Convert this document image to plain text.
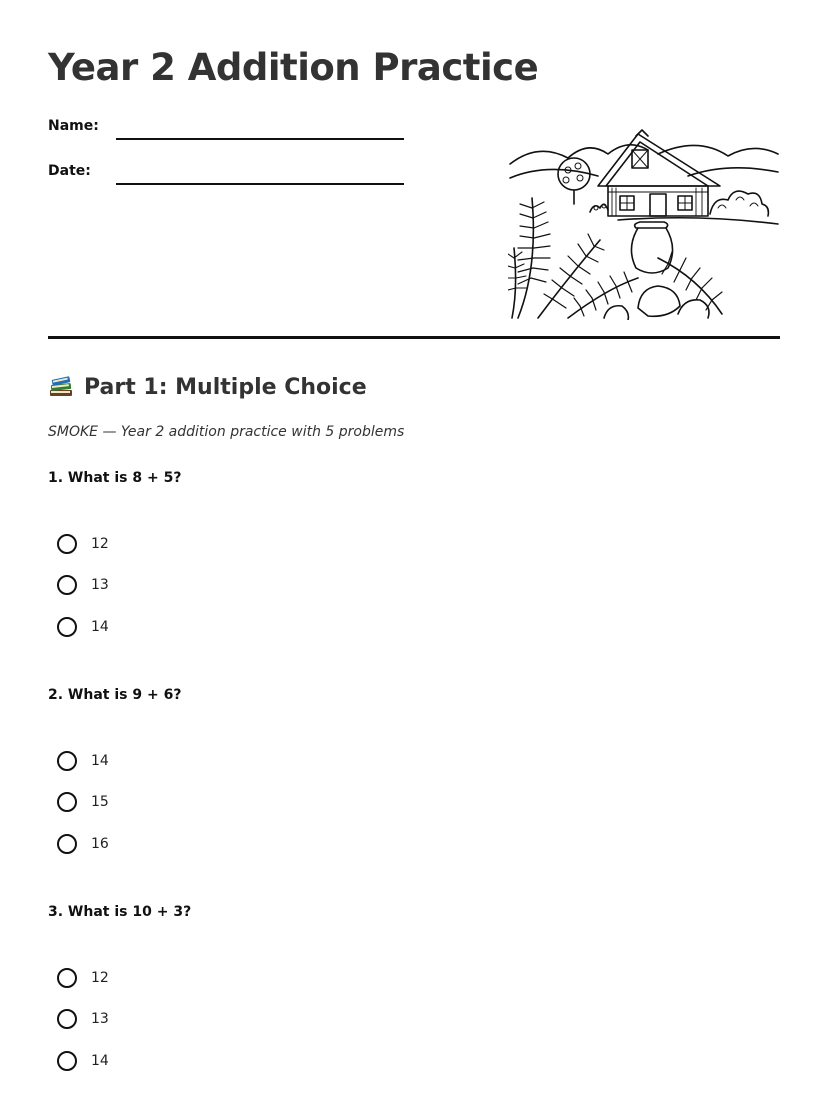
Year 2 Addition Practice
Name:
Date:
Part 1: Multiple Choice

SMOKE — Year 2 addition practice with 5 problems

1. What is 8 + 5?

12
13
14

2. What is 9 + 6?

14
15
16

3. What is 10 + 3?

12
13
14
